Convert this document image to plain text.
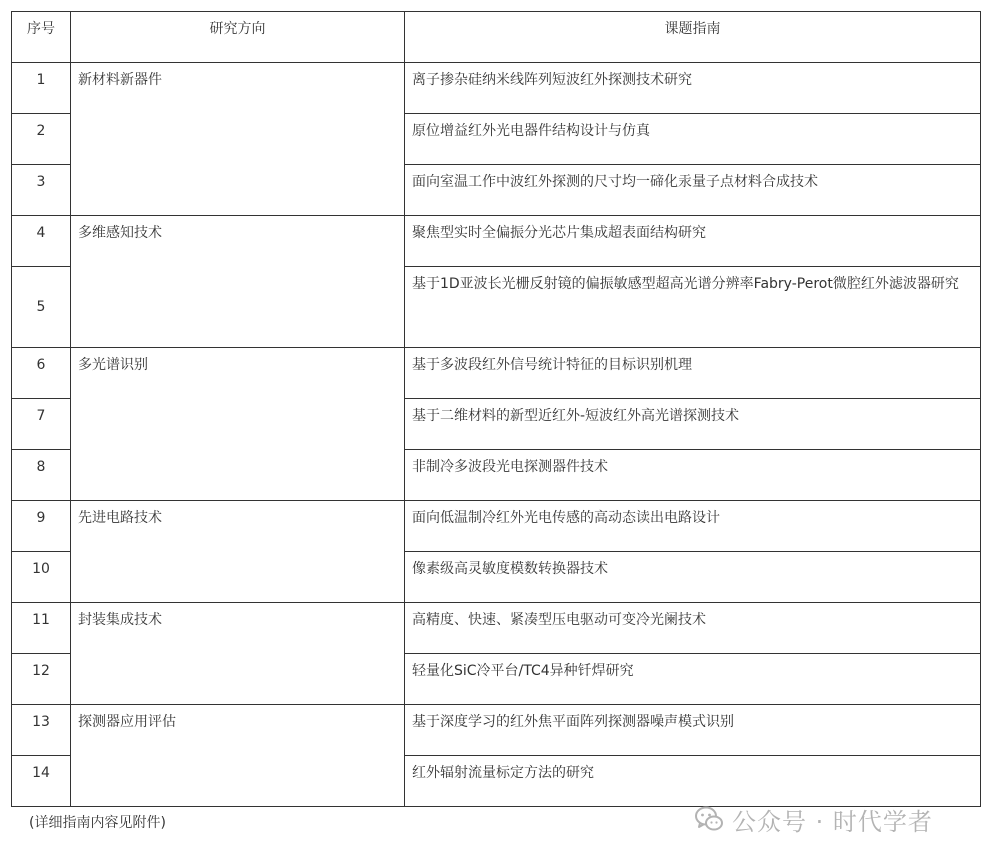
序号	研究方向	课题指南
1	新材料新器件	离子掺杂硅纳米线阵列短波红外探测技术研究
2		原位增益红外光电器件结构设计与仿真
3		面向室温工作中波红外探测的尺寸均一碲化汞量子点材料合成技术
4	多维感知技术	聚焦型实时全偏振分光芯片集成超表面结构研究
5		基于1D亚波长光栅反射镜的偏振敏感型超高光谱分辨率Fabry-Perot微腔红外滤波器研究
6	多光谱识别	基于多波段红外信号统计特征的目标识别机理
7		基于二维材料的新型近红外-短波红外高光谱探测技术
8		非制冷多波段光电探测器件技术
9	先进电路技术	面向低温制冷红外光电传感的高动态读出电路设计
10		像素级高灵敏度模数转换器技术
11	封装集成技术	高精度、快速、紧凑型压电驱动可变冷光阑技术
12		轻量化SiC冷平台/TC4异种钎焊研究
13	探测器应用评估	基于深度学习的红外焦平面阵列探测器噪声模式识别
14		红外辐射流量标定方法的研究
(详细指南内容见附件)	公众号 · 时代学者
